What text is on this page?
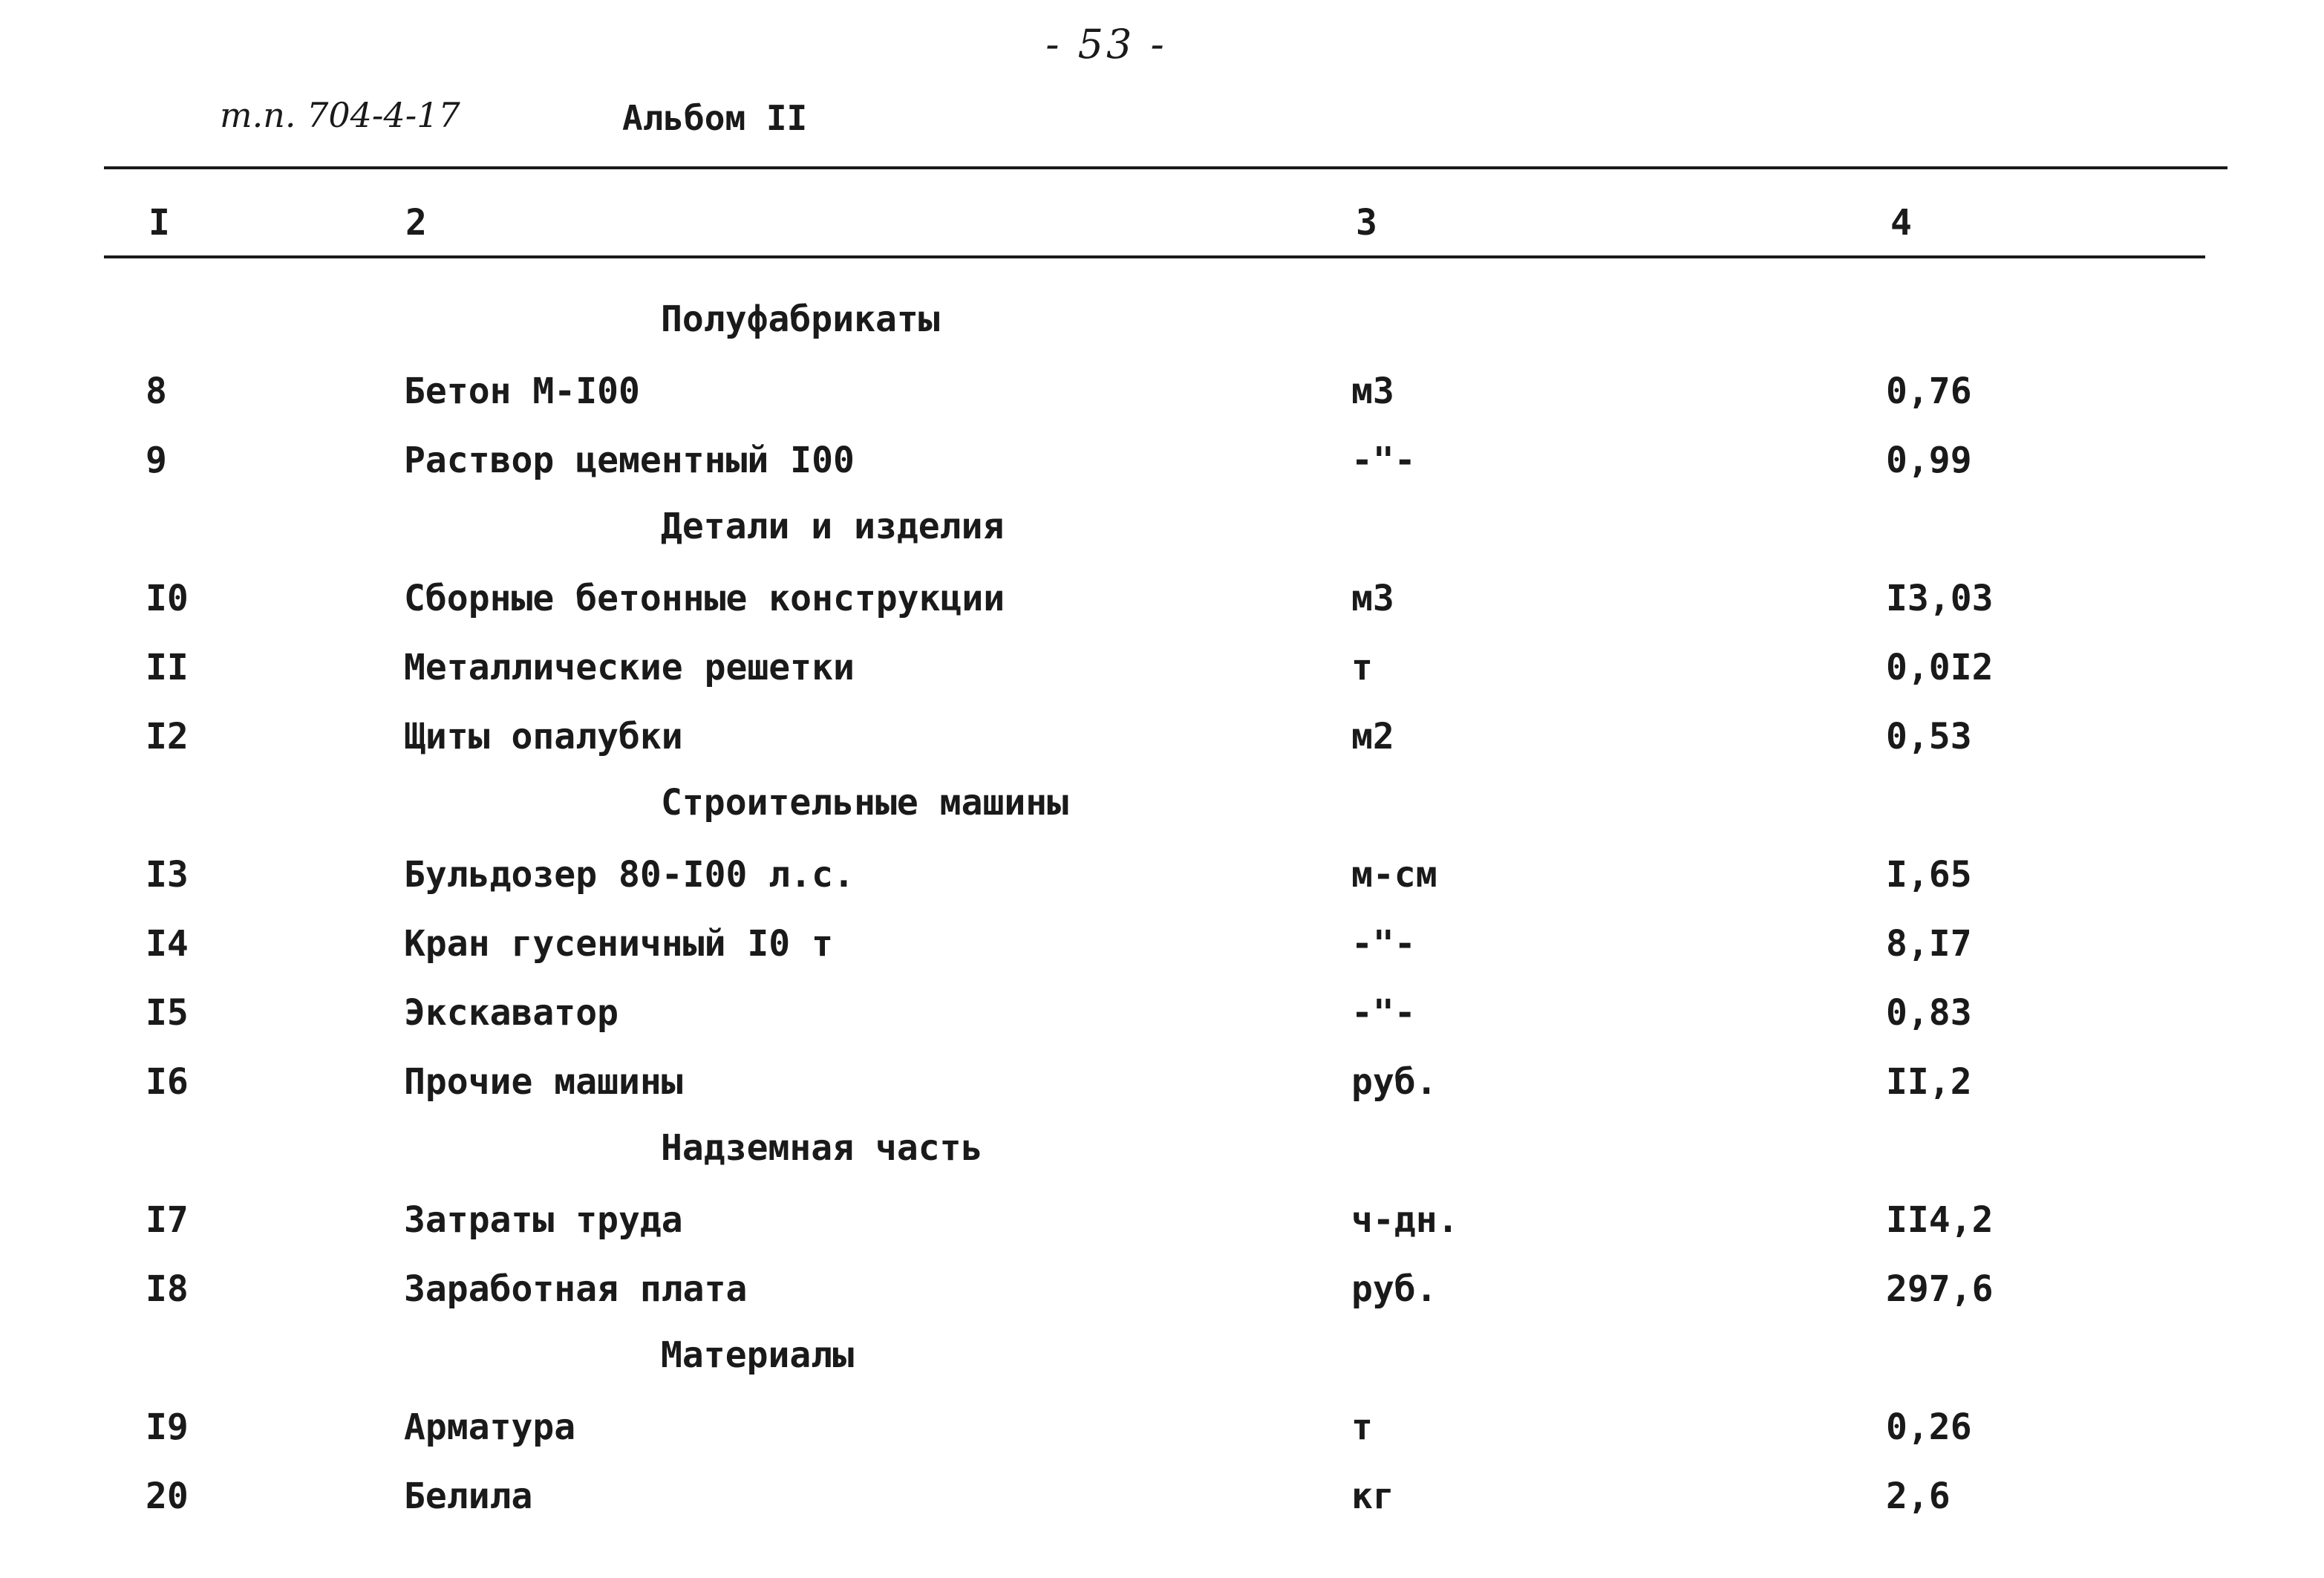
- 53 -
т.п. 704-4-17	Альбом II
I	2	3	4
Полуфабрикаты
8	Бетон М-I00	м3	0,76
9	Раствор цементный I00	-"-	0,99
Детали и изделия
I0	Сборные бетонные конструкции	м3	I3,03
II	Металлические решетки	т	0,0I2
I2	Щиты опалубки	м2	0,53
Строительные машины
I3	Бульдозер 80-I00 л.с.	м-см	I,65
I4	Кран гусеничный I0 т	-"-	8,I7
I5	Экскаватор	-"-	0,83
I6	Прочие машины	руб.	II,2
Надземная часть
I7	Затраты труда	ч-дн.	II4,2
I8	Заработная плата	руб.	297,6
Материалы
I9	Арматура	т	0,26
20	Белила	кг	2,6
